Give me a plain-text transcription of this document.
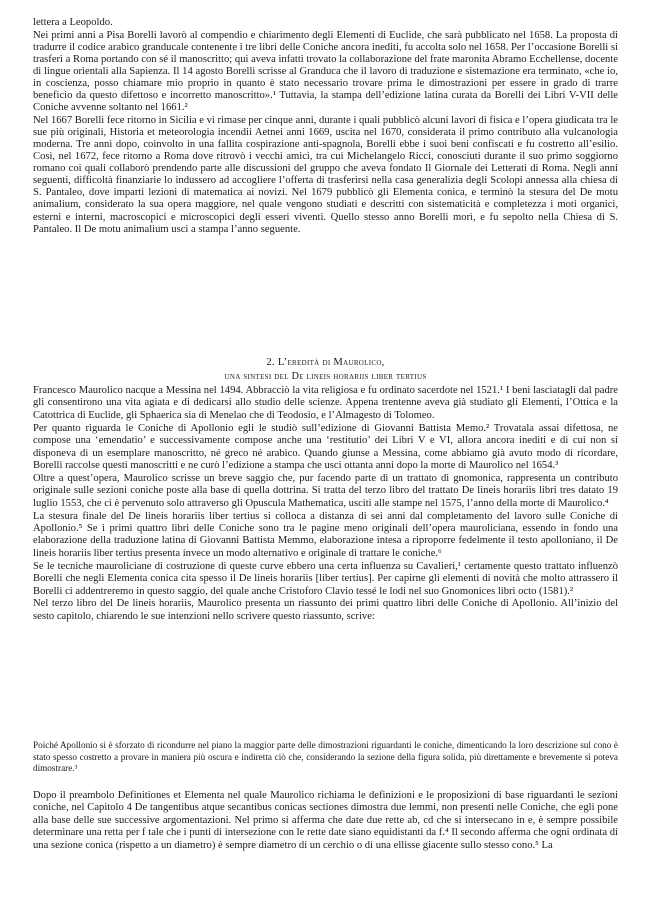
lettera a Leopoldo.

Nei primi anni a Pisa Borelli lavorò al compendio e chiarimento degli Elementi di Euclide, che sarà pubblicato nel 1658. La proposta di tradurre il codice arabico granducale contenente i tre libri delle Coniche ancora inediti, fu accolta solo nel 1658. Per l’occasione Borelli si trasferì a Roma portando con sé il manoscritto; qui aveva infatti trovato la collaborazione del frate maronita Abramo Ecchellense, docente di lingue orientali alla Sapienza. Il 14 agosto Borelli scrisse al Granduca che il lavoro di traduzione e sistemazione era terminato, «che io, in coscienza, posso chiamare mio proprio in quanto è stato necessario trovare prima le dimostrazioni per essere in grado di trarre beneficio da questo difettoso e incorretto manoscritto».¹ Tuttavia, la stampa dell’edizione latina curata da Borelli dei Libri V-VII delle Coniche avvenne soltanto nel 1661.²

Nel 1667 Borelli fece ritorno in Sicilia e vi rimase per cinque anni, durante i quali pubblicò alcuni lavori di fisica e l’opera giudicata tra le sue più originali, Historia et meteorologia incendii Aetnei anni 1669, uscita nel 1670, considerata il primo contributo alla vulcanologia moderna. Tre anni dopo, coinvolto in una fallita cospirazione anti-spagnola, Borelli ebbe i suoi beni confiscati e fu costretto all’esilio. Così, nel 1672, fece ritorno a Roma dove ritrovò i vecchi amici, tra cui Michelangelo Ricci, conosciuti durante il suo primo soggiorno romano coi quali collaborò prendendo parte alle discussioni del gruppo che aveva fondato Il Giornale dei Letterati di Roma. Negli anni seguenti, difficoltà finanziarie lo indussero ad accogliere l’offerta di trasferirsi nella casa generalizia degli Scolopi annessa alla chiesa di S. Pantaleo, dove imparti lezioni di matematica ai novizi. Nel 1679 pubblicò gli Elementa conica, e terminò la stesura del De motu animalium, considerato la sua opera maggiore, nel quale vengono studiati e descritti con sistematicità e completezza i moti organici, esterni e interni, macroscopici e microscopici degli esseri viventi. Quello stesso anno Borelli morì, e fu sepolto nella Chiesa di S. Pantaleo. Il De motu animalium uscì a stampa l’anno seguente.

2. L’eredità di Maurolico,
una sintesi del De lineis horariis liber tertius

Francesco Maurolico nacque a Messina nel 1494. Abbracciò la vita religiosa e fu ordinato sacerdote nel 1521.¹ I beni lasciatagli dal padre gli consentirono una vita agiata e di dedicarsi allo studio delle scienze. Appena trentenne aveva già studiato gli Elementi, l’Ottica e la Catottrica di Euclide, gli Sphaerica sia di Menelao che di Teodosio, e l’Almagesto di Tolomeo.

Per quanto riguarda le Coniche di Apollonio egli le studiò sull’edizione di Giovanni Battista Memo.² Trovatala assai difettosa, ne compose una ‘emendatio’ e successivamente compose anche una ‘restitutio’ dei Libri V e VI, allora ancora inediti e di cui non si disponeva di un esemplare manoscritto, né greco né arabico. Quando giunse a Messina, come abbiamo già avuto modo di ricordare, Borelli raccolse questi manoscritti e ne curò l’edizione a stampa che uscì ottanta anni dopo la morte di Maurolico nel 1654.³

Oltre a quest’opera, Maurolico scrisse un breve saggio che, pur facendo parte di un trattato di gnomonica, rappresenta un contributo originale sulle sezioni coniche poste alla base di quella dottrina. Si tratta del terzo libro del trattato De lineis horariis libri tres datato 19 luglio 1553, che ci è pervenuto solo attraverso gli Opuscula Mathematica, usciti alle stampe nel 1575, l’anno della morte di Maurolico.⁴

La stesura finale del De lineis horariis liber tertius si colloca a distanza di sei anni dal completamento del lavoro sulle Coniche di Apollonio.⁵ Se i primi quattro libri delle Coniche sono tra le pagine meno originali dell’opera mauroliciana, essendo in fondo una elaborazione della traduzione latina di Giovanni Battista Memmo, elaborazione intesa a riproporre fedelmente il testo apolloniano, il De lineis horariis liber tertius presenta invece un modo alternativo e originale di trattare le coniche.⁶

Se le tecniche mauroliciane di costruzione di queste curve ebbero una certa influenza su Cavalieri,¹ certamente questo trattato influenzò Borelli che negli Elementa conica cita spesso il De lineis horariis [liber tertius]. Per capirne gli elementi di novità che molto attrassero il Borelli ci addentreremo in questo saggio, del quale anche Cristoforo Clavio tessé le lodi nel suo Gnomonices libri octo (1581).²

Nel terzo libro del De lineis horariis, Maurolico presenta un riassunto dei primi quattro libri delle Coniche di Apollonio. All’inizio del sesto capitolo, chiarendo le sue intenzioni nello scrivere questo riassunto, scrive:

Poiché Apollonio si è sforzato di ricondurre nel piano la maggior parte delle dimostrazioni riguardanti le coniche, dimenticando la loro descrizione sul cono è stato spesso costretto a provare in maniera più oscura e indiretta ciò che, considerando la sezione della figura solida, più direttamente e brevemente si poteva dimostrare.³

Dopo il preambolo Definitiones et Elementa nel quale Maurolico richiama le definizioni e le proposizioni di base riguardanti le sezioni coniche, nel Capitolo 4 De tangentibus atque secantibus conicas sectiones dimostra due lemmi, non presenti nelle Coniche, che egli pone alla base delle sue successive argomentazioni. Nel primo si afferma che date due rette ab, cd che si intersecano in e, è sempre possibile determinare una retta per f tale che i punti di intersezione con le rette date siano equidistanti da f.⁴ Il secondo afferma che ogni ordinata di una sezione conica (rispetto a un diametro) è sempre diametro di un cerchio o di una ellisse giacente sullo stesso cono.⁵ La
